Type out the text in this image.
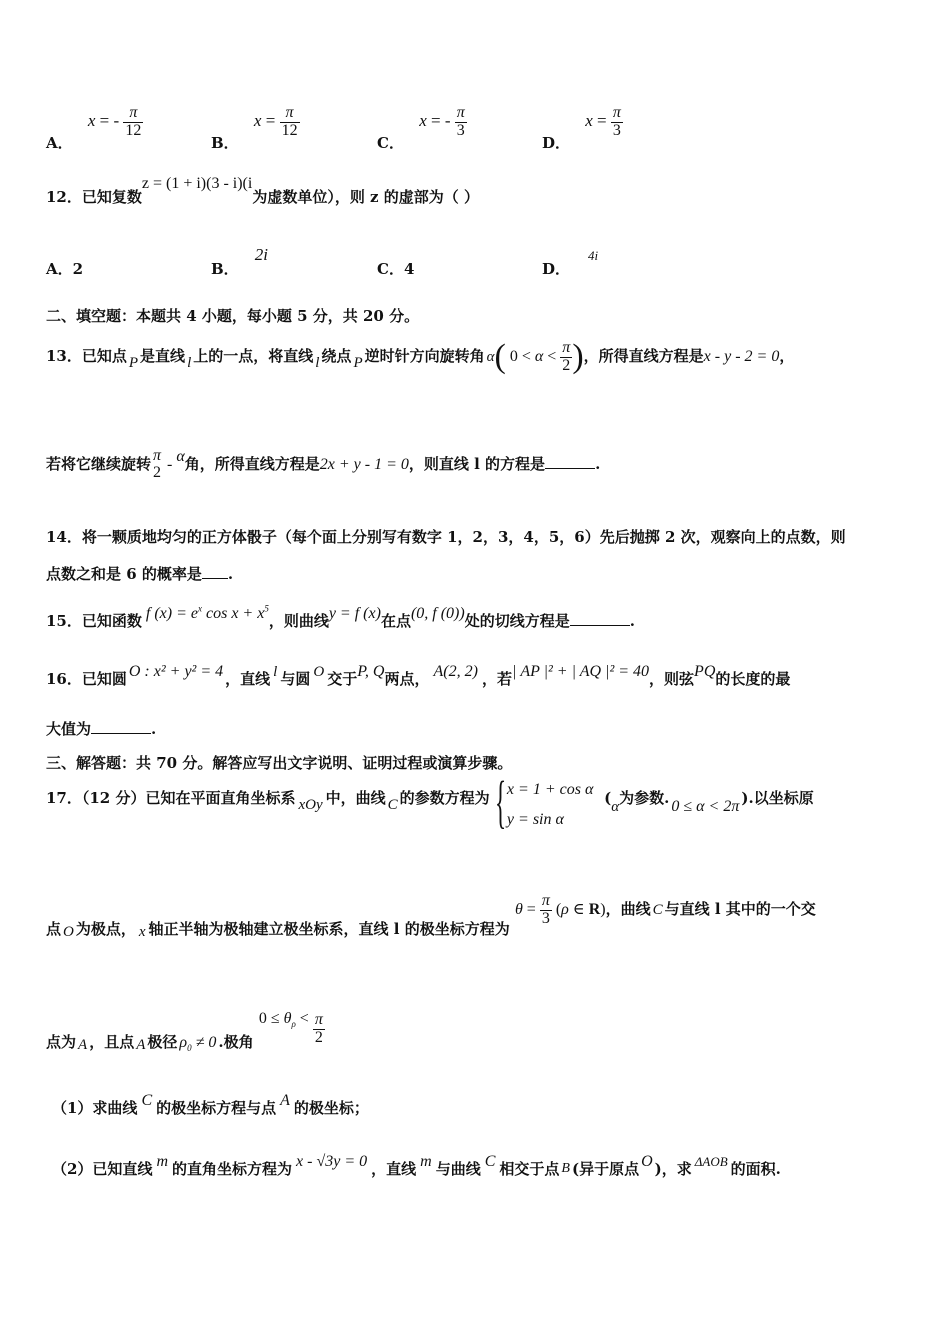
A． x = - $\frac{\pi}{12}$
B． $x = \frac{\pi}{12}$
C． x = - $\frac{\pi}{3}$
D． $x = \frac{\pi}{3}$
12．已知复数z = (1 + i)(3 - i)(i为虚数单位），则 z 的虚部为（ ）
A．2	B．2i
C．4	D．4i
二、填空题：本题共 4 小题，每小题 5 分，共 20 分。
13．已知点 P 是直线 l 上的一点，将直线 l 绕点 P 逆时针方向旋转角 α( $0 < \alpha < \frac{\pi}{2}$ )，所得直线方程是x - y - 2 = 0，
若将它继续旋转 π
2 - α角，所得直线方程是2x + y - 1 = 0，则直线 l 的方程是	.
14．将一颗质地均匀的正方体骰子（每个面上分别写有数字 1，2，3，4，5，6）先后抛掷 2 次，观察向上的点数，则
点数之和是 6 的概率是 .
15．已知函数 f $(x) = e^x$ $\cos x + x^5$，则曲线y = f (x)在点(0, f (0))处的切线方程是	.
16．已知圆 O : x² + y² = 4 ，直线 l 与圆 O 交于P, Q两点， A(2, 2) ，若| AP |² + | AQ |² = 40，则弦PQ的长度的最
大值为	.
三、解答题：共 70 分。解答应写出文字说明、证明过程或演算步骤。
17．（12 分）已知在平面直角坐标系 xOy 中，曲线 C 的参数方程为 { x = 1 + cos α
y = sin α
(α为参数. 0 ≤ α < 2π ).以坐标原
点 O 为极点， x 轴正半轴为极轴建立极坐标系，直线 l 的极坐标方程为 $\theta = \frac{\pi}{3} (\rho$ ∈ R)，曲线 C 与直线 l 其中的一个交
点为 A ，且点 A 极径 $\rho_0 \ne 0$ .极角 $0 \le \theta_\rho < \frac{\pi}{2}$
（1）求曲线 C 的极坐标方程与点 A 的极坐标；
（2）已知直线 m 的直角坐标方程为 x - √3y = 0 ，直线 m 与曲线 C 相交于点 B (异于原点 O )，求 ΔAOB 的面积.
